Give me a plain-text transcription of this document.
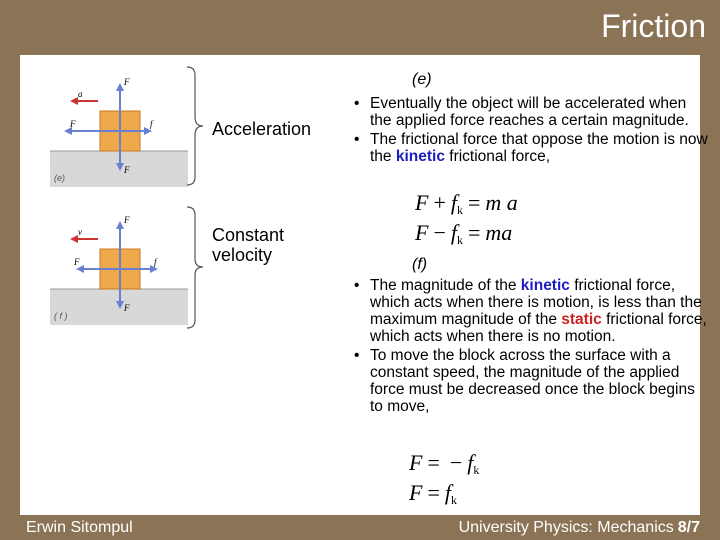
Friction
a
F
F	f
F
(e)
v
F
F	f
F
( f )
Acceleration
Constant
velocity
(e)
• Eventually the object will be accelerated when the applied force reaches a certain magnitude.
• The frictional force that oppose the motion is now the kinetic frictional force,
$F + f_k = m$ a
$F - f_k$ = ma
(f)
• The magnitude of the kinetic frictional force, which acts when there is motion, is less than the maximum magnitude of the static frictional force, which acts when there is no motion.
• To move the block across the surface with a constant speed, the magnitude of the applied force must be decreased once the block begins to move,
F = − $f_k$
$F = f_k$
Erwin Sitompul	University Physics: Mechanics 8/7
